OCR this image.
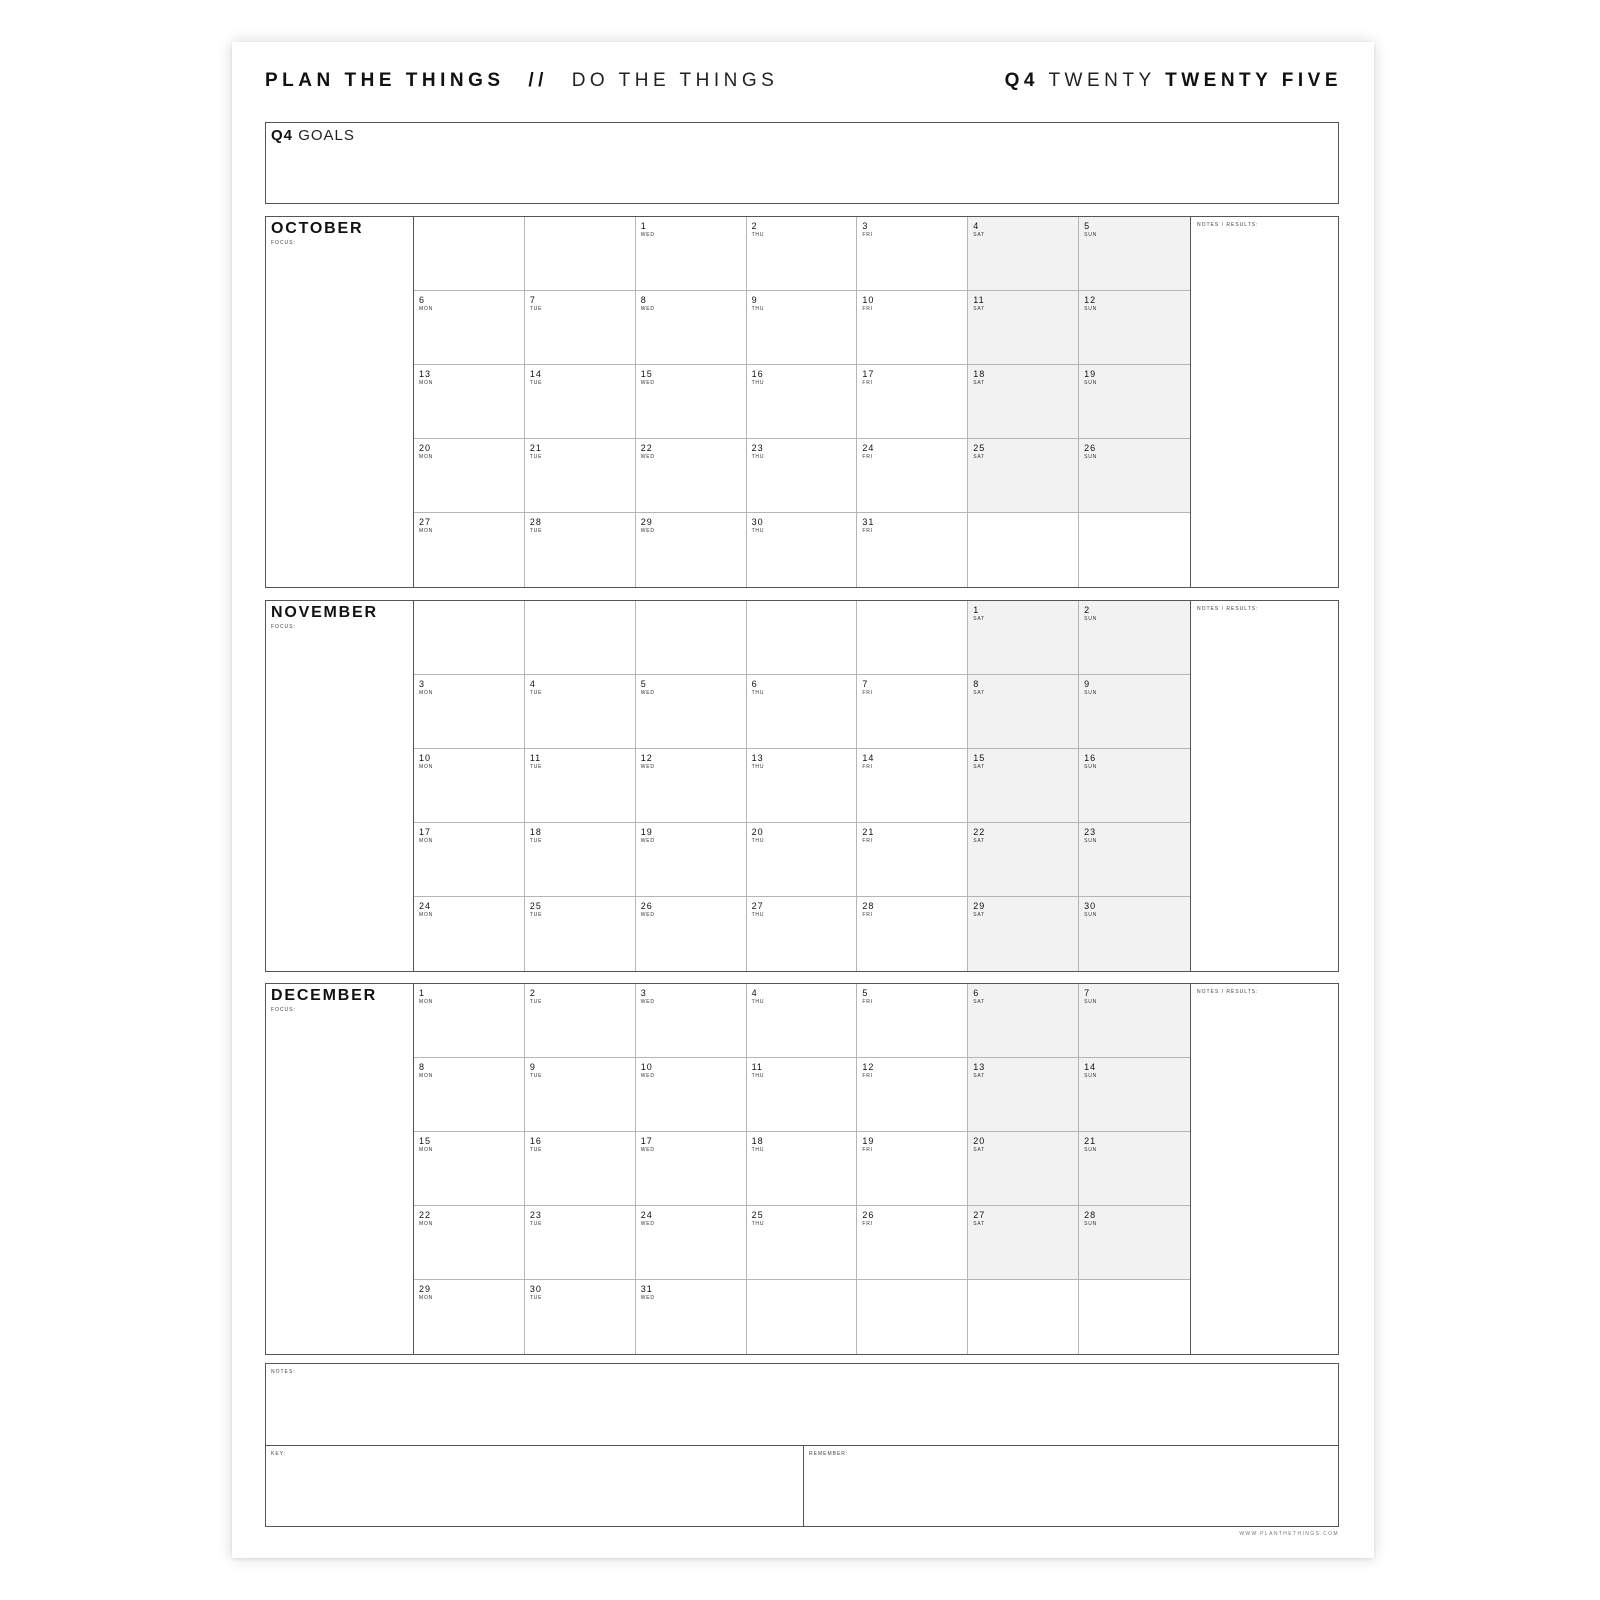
PLAN THE THINGS // DO THE THINGS	Q4 TWENTY TWENTY FIVE
Q4 GOALS
OCTOBER
FOCUS:
1
WED
2
THU
3
FRI
4
SAT
5
SUN
6
MON
7
TUE
8
WED
9
THU
10
FRI
11
SAT
12
SUN
13
MON
14
TUE
15
WED
16
THU
17
FRI
18
SAT
19
SUN
20
MON
21
TUE
22
WED
23
THU
24
FRI
25
SAT
26
SUN
27
MON
28
TUE
29
WED
30
THU
31
FRI
NOTES / RESULTS:
NOVEMBER
FOCUS:
1
SAT
2
SUN
3
MON
4
TUE
5
WED
6
THU
7
FRI
8
SAT
9
SUN
10
MON
11
TUE
12
WED
13
THU
14
FRI
15
SAT
16
SUN
17
MON
18
TUE
19
WED
20
THU
21
FRI
22
SAT
23
SUN
24
MON
25
TUE
26
WED
27
THU
28
FRI
29
SAT
30
SUN
NOTES / RESULTS:
DECEMBER
FOCUS:
1
MON
2
TUE
3
WED
4
THU
5
FRI
6
SAT
7
SUN
8
MON
9
TUE
10
WED
11
THU
12
FRI
13
SAT
14
SUN
15
MON
16
TUE
17
WED
18
THU
19
FRI
20
SAT
21
SUN
22
MON
23
TUE
24
WED
25
THU
26
FRI
27
SAT
28
SUN
29
MON
30
TUE
31
WED
NOTES / RESULTS:
NOTES:
KEY:	REMEMBER:
WWW.PLANTHETHINGS.COM
